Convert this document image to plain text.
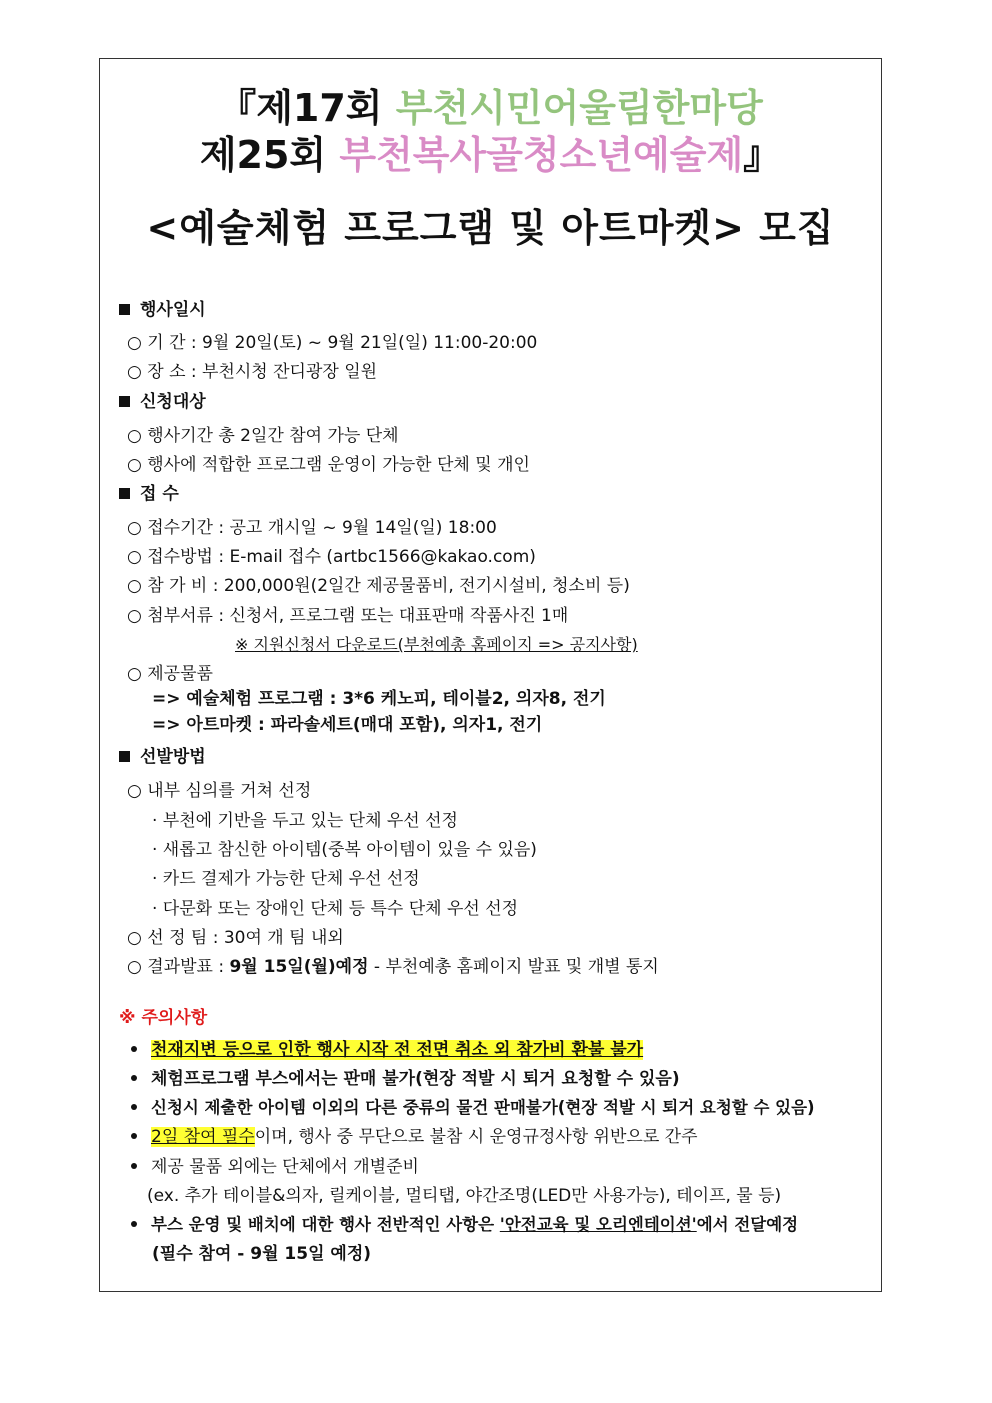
『제17회 부천시민어울림한마당
제25회 부천복사골청소년예술제』
<예술체험 프로그램 및 아트마켓> 모집
행사일시
○ 기 간 : 9월 20일(토) ~ 9월 21일(일) 11:00-20:00
○ 장 소 : 부천시청 잔디광장 일원
신청대상
○ 행사기간 총 2일간 참여 가능 단체
○ 행사에 적합한 프로그램 운영이 가능한 단체 및 개인
접 수
○ 접수기간 : 공고 개시일 ~ 9월 14일(일) 18:00
○ 접수방법 : E-mail 접수 (artbc1566@kakao.com)
○ 참 가 비 : 200,000원(2일간 제공물품비, 전기시설비, 청소비 등)
○ 첨부서류 : 신청서, 프로그램 또는 대표판매 작품사진 1매
※ 지원신청서 다운로드(부천예총 홈페이지 => 공지사항)
○ 제공물품
=> 예술체험 프로그램 : 3*6 케노피, 테이블2, 의자8, 전기
=> 아트마켓 : 파라솔세트(매대 포함), 의자1, 전기
선발방법
○ 내부 심의를 거쳐 선정
· 부천에 기반을 두고 있는 단체 우선 선정
· 새롭고 참신한 아이템(중복 아이템이 있을 수 있음)
· 카드 결제가 가능한 단체 우선 선정
· 다문화 또는 장애인 단체 등 특수 단체 우선 선정
○ 선 정 팀 : 30여 개 팀 내외
○ 결과발표 : 9월 15일(월)예정 - 부천예총 홈페이지 발표 및 개별 통지
※ 주의사항
천재지변 등으로 인한 행사 시작 전 전면 취소 외 참가비 환불 불가
체험프로그램 부스에서는 판매 불가(현장 적발 시 퇴거 요청할 수 있음)
신청시 제출한 아이템 이외의 다른 중류의 물건 판매불가(현장 적발 시 퇴거 요청할 수 있음)
2일 참여 필수이며, 행사 중 무단으로 불참 시 운영규정사항 위반으로 간주
제공 물품 외에는 단체에서 개별준비
(ex. 추가 테이블&의자, 릴케이블, 멀티탭, 야간조명(LED만 사용가능), 테이프, 물 등)
부스 운영 및 배치에 대한 행사 전반적인 사항은 '안전교육 및 오리엔테이션'에서 전달예정
(필수 참여 - 9월 15일 예정)
